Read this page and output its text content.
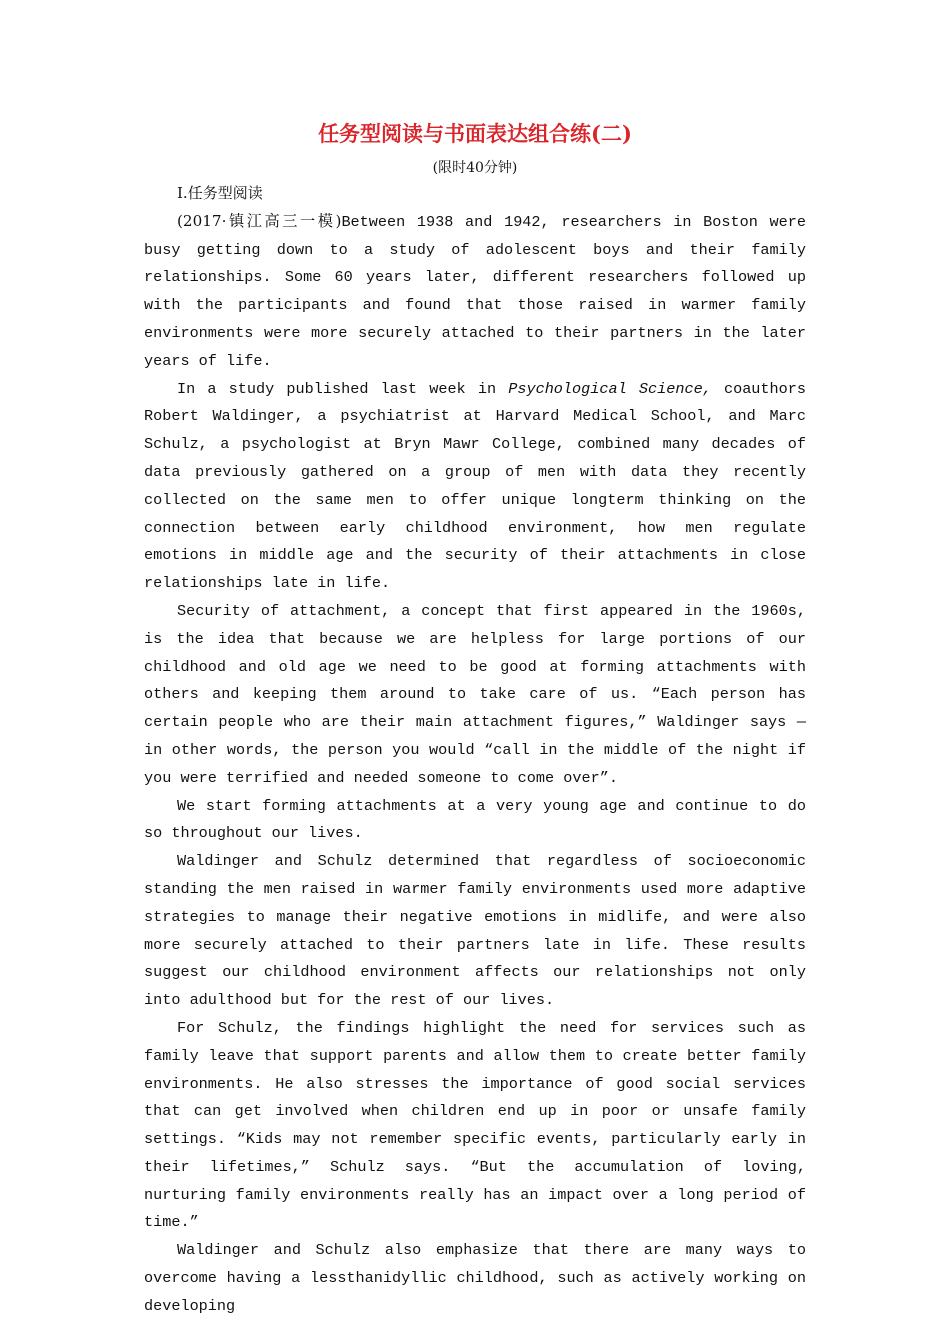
任务型阅读与书面表达组合练(二)
(限时40分钟)
Ⅰ.任务型阅读

(2017·镇江高三一模)Between 1938 and 1942, researchers in Boston were busy getting down to a study of adolescent boys and their family relationships. Some 60 years later, different researchers followed up with the participants and found that those raised in warmer family environments were more securely attached to their partners in the later years of life.

In a study published last week in Psychological Science, coauthors Robert Waldinger, a psychiatrist at Harvard Medical School, and Marc Schulz, a psychologist at Bryn Mawr College, combined many decades of data previously gathered on a group of men with data they recently collected on the same men to offer unique longterm thinking on the connection between early childhood environment, how men regulate emotions in middle age and the security of their attachments in close relationships late in life.

Security of attachment, a concept that first appeared in the 1960s, is the idea that because we are helpless for large portions of our childhood and old age we need to be good at forming attachments with others and keeping them around to take care of us. “Each person has certain people who are their main attachment figures,” Waldinger says — in other words, the person you would “call in the middle of the night if you were terrified and needed someone to come over”.

We start forming attachments at a very young age and continue to do so throughout our lives.

Waldinger and Schulz determined that regardless of socioeconomic standing the men raised in warmer family environments used more adaptive strategies to manage their negative emotions in midlife, and were also more securely attached to their partners late in life. These results suggest our childhood environment affects our relationships not only into adulthood but for the rest of our lives.

For Schulz, the findings highlight the need for services such as family leave that support parents and allow them to create better family environments. He also stresses the importance of good social services that can get involved when children end up in poor or unsafe family settings. “Kids may not remember specific events, particularly early in their lifetimes,” Schulz says. “But the accumulation of loving, nurturing family environments really has an impact over a long period of time.”

Waldinger and Schulz also emphasize that there are many ways to overcome having a lessthanidyllic childhood, such as actively working on developing
